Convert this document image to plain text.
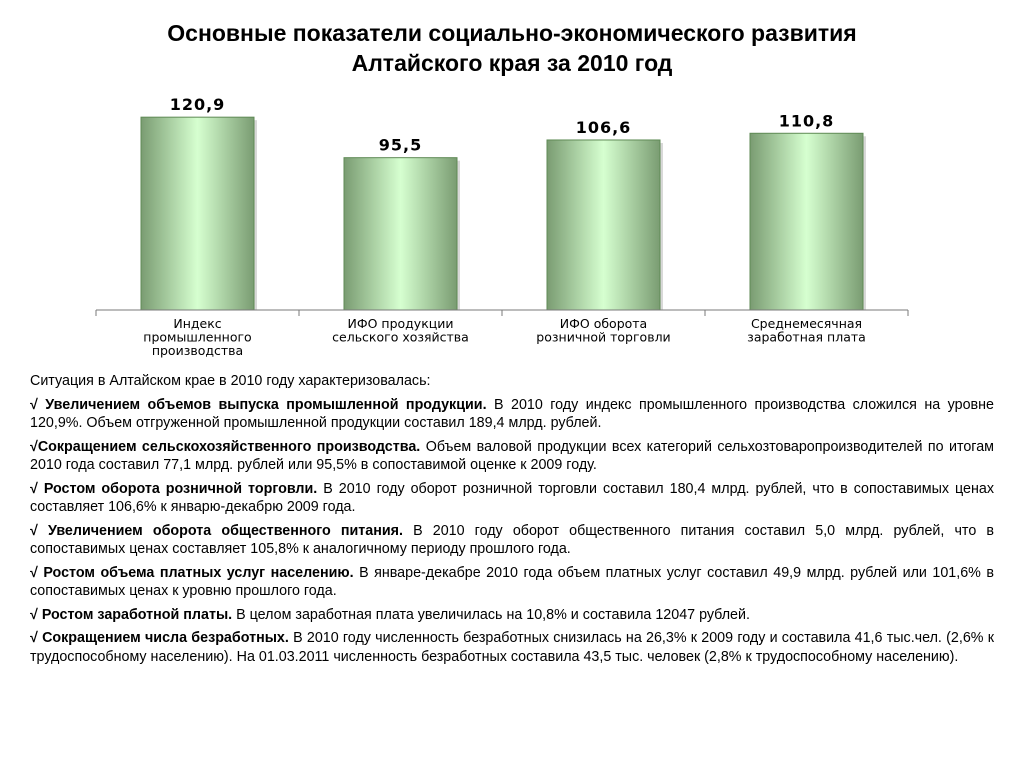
Основные показатели социально-экономического развития
Алтайского края за 2010 год
120,9
95,5
106,6	110,8
Индекс
промышленного
производства
ИФО продукции
сельского хозяйства
ИФО оборота
розничной торговли
Среднемесячная
заработная плата

Ситуация в Алтайском крае в 2010 году характеризовалась:

√ Увеличением объемов выпуска промышленной продукции. В 2010 году индекс промышленного производства сложился на уровне 120,9%. Объем отгруженной промышленной продукции составил 189,4 млрд. рублей.

√Сокращением сельскохозяйственного производства. Объем валовой продукции всех категорий сельхозтоваропроизводителей по итогам 2010 года составил 77,1 млрд. рублей или 95,5% в сопоставимой оценке к 2009 году.

√ Ростом оборота розничной торговли. В 2010 году оборот розничной торговли составил 180,4 млрд. рублей, что в сопоставимых ценах составляет 106,6% к январю-декабрю 2009 года.

√ Увеличением оборота общественного питания. В 2010 году оборот общественного питания составил 5,0 млрд. рублей, что в сопоставимых ценах составляет 105,8% к аналогичному периоду прошлого года.

√ Ростом объема платных услуг населению. В январе-декабре 2010 года объем платных услуг составил 49,9 млрд. рублей или 101,6% в сопоставимых ценах к уровню прошлого года.

√ Ростом заработной платы. В целом заработная плата увеличилась на 10,8% и составила 12047 рублей.

√ Сокращением числа безработных. В 2010 году численность безработных снизилась на 26,3% к 2009 году и составила 41,6 тыс.чел. (2,6% к трудоспособному населению). На 01.03.2011 численность безработных составила 43,5 тыс. человек (2,8% к трудоспособному населению).
